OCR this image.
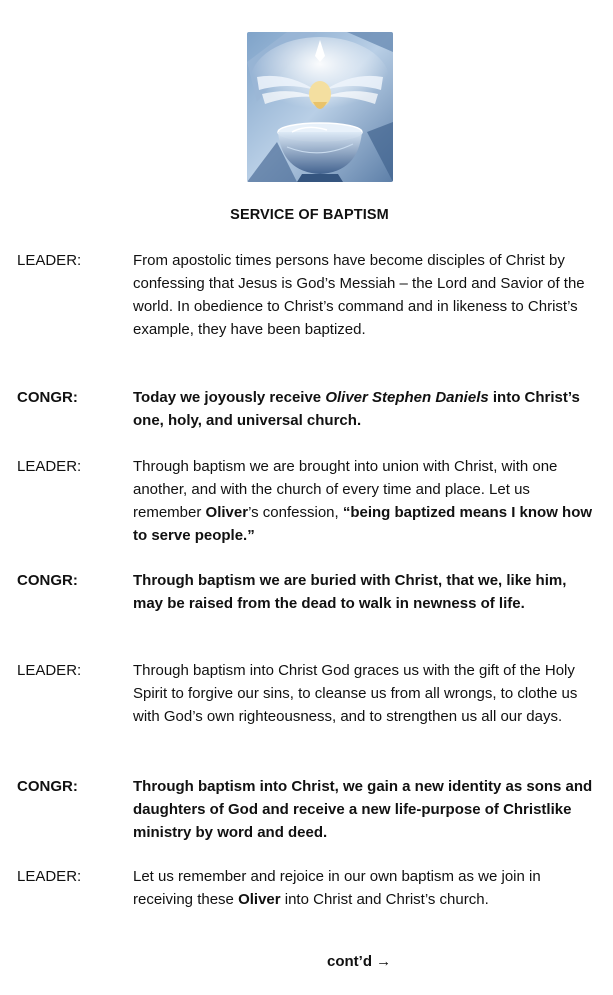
SERVICE OF BAPTISM
LEADER:	From apostolic times persons have become disciples of Christ by confessing that Jesus is God’s Messiah – the Lord and Savior of the world. In obedience to Christ’s command and in likeness to Christ’s example, they have been baptized.
CONGR:	Today we joyously receive Oliver Stephen Daniels into Christ’s one, holy, and universal church.
LEADER:	Through baptism we are brought into union with Christ, with one another, and with the church of every time and place. Let us remember Oliver’s confession, “being baptized means I know how to serve people.”
CONGR:	Through baptism we are buried with Christ, that we, like him, may be raised from the dead to walk in newness of life.
LEADER:	Through baptism into Christ God graces us with the gift of the Holy Spirit to forgive our sins, to cleanse us from all wrongs, to clothe us with God’s own righteousness, and to strengthen us all our days.
CONGR:	Through baptism into Christ, we gain a new identity as sons and daughters of God and receive a new life-purpose of Christlike ministry by word and deed.
LEADER:	Let us remember and rejoice in our own baptism as we join in receiving these Oliver into Christ and Christ’s church.
cont’d →
